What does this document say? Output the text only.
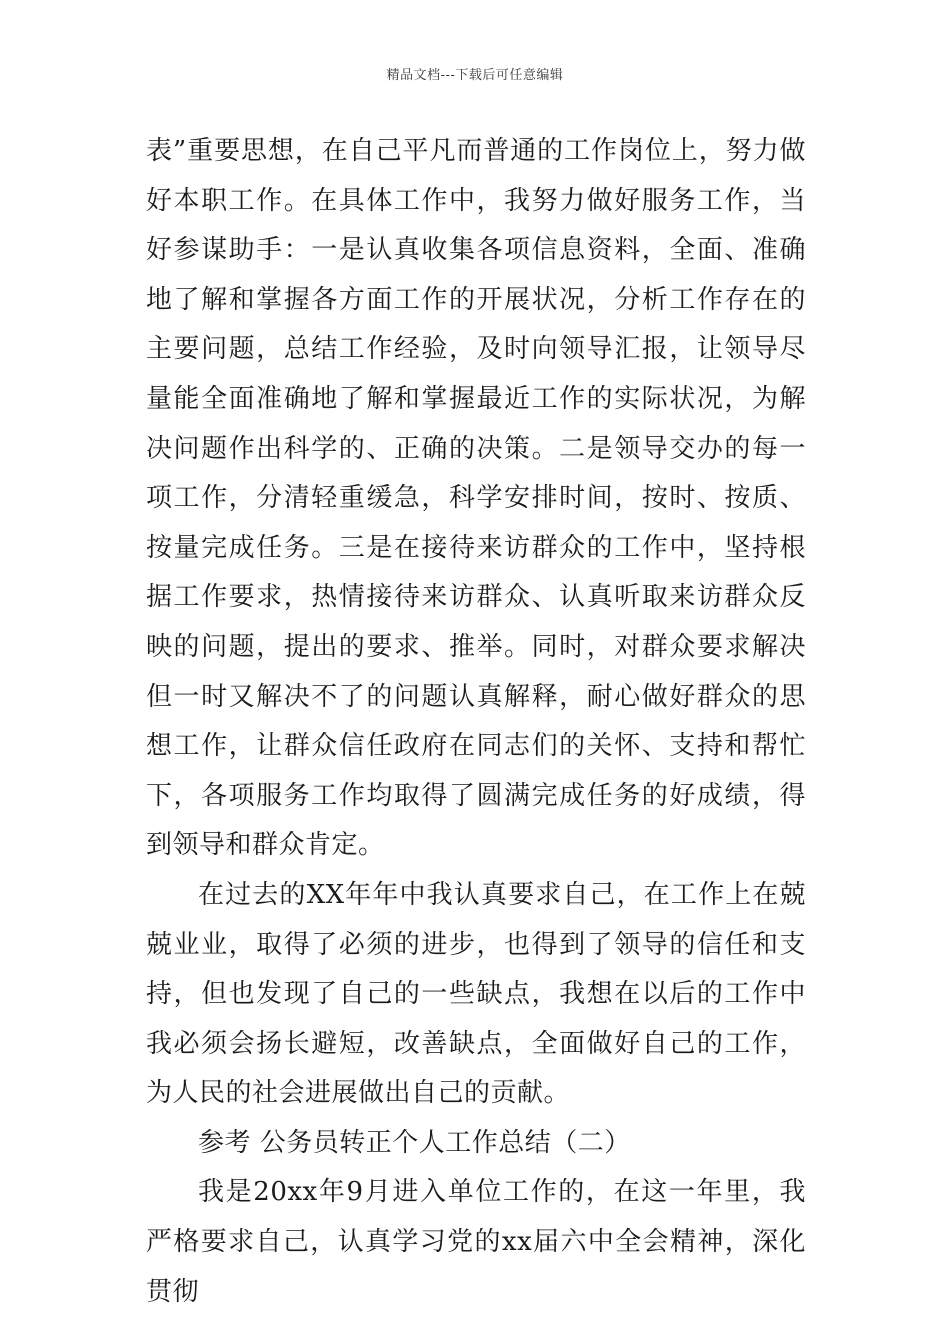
精品文档---下载后可任意编辑

表”重要思想，在自己平凡而普通的工作岗位上，努力做好本职工作。在具体工作中，我努力做好服务工作，当好参谋助手：一是认真收集各项信息资料，全面、准确地了解和掌握各方面工作的开展状况，分析工作存在的主要问题，总结工作经验，及时向领导汇报，让领导尽量能全面准确地了解和掌握最近工作的实际状况，为解决问题作出科学的、正确的决策。二是领导交办的每一项工作，分清轻重缓急，科学安排时间，按时、按质、按量完成任务。三是在接待来访群众的工作中，坚持根据工作要求，热情接待来访群众、认真听取来访群众反映的问题，提出的要求、推举。同时，对群众要求解决但一时又解决不了的问题认真解释，耐心做好群众的思想工作，让群众信任政府在同志们的关怀、支持和帮忙下，各项服务工作均取得了圆满完成任务的好成绩，得到领导和群众肯定。

在过去的XX年年中我认真要求自己，在工作上在兢兢业业，取得了必须的进步，也得到了领导的信任和支持，但也发现了自己的一些缺点，我想在以后的工作中我必须会扬长避短，改善缺点，全面做好自己的工作，为人民的社会进展做出自己的贡献。

参考 公务员转正个人工作总结（二）

我是20xx年9月进入单位工作的，在这一年里，我严格要求自己，认真学习党的xx届六中全会精神，深化贯彻
